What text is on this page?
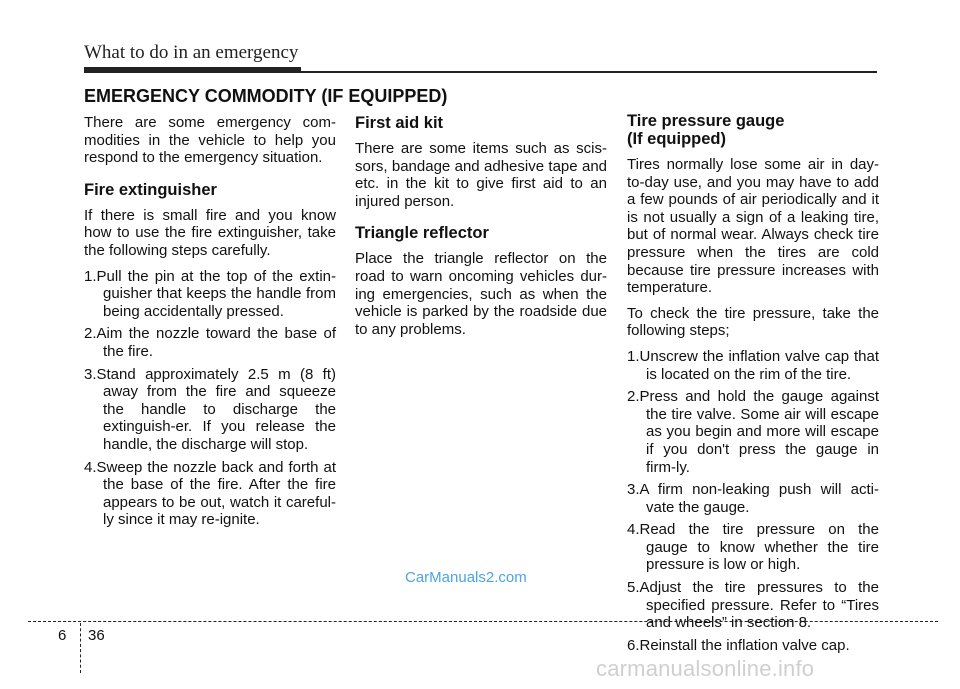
What to do in an emergency
EMERGENCY COMMODITY (IF EQUIPPED)

There are some emergency com-modities in the vehicle to help you respond to the emergency situation.

Fire extinguisher

If there is small fire and you know how to use the fire extinguisher, take the following steps carefully.

1.Pull the pin at the top of the extin-guisher that keeps the handle from being accidentally pressed.
2.Aim the nozzle toward the base of the fire.
3.Stand approximately 2.5 m (8 ft) away from the fire and squeeze the handle to discharge the extinguish-er. If you release the handle, the discharge will stop.
4.Sweep the nozzle back and forth at the base of the fire. After the fire appears to be out, watch it careful-ly since it may re-ignite.
First aid kit

There are some items such as scis-sors, bandage and adhesive tape and etc. in the kit to give first aid to an injured person.

Triangle reflector

Place the triangle reflector on the road to warn oncoming vehicles dur-ing emergencies, such as when the vehicle is parked by the roadside due to any problems.

Tire pressure gauge
(If equipped)

Tires normally lose some air in day-to-day use, and you may have to add a few pounds of air periodically and it is not usually a sign of a leaking tire, but of normal wear. Always check tire pressure when the tires are cold because tire pressure increases with temperature.

To check the tire pressure, take the following steps;

1.Unscrew the inflation valve cap that is located on the rim of the tire.
2.Press and hold the gauge against the tire valve. Some air will escape as you begin and more will escape if you don't press the gauge in firm-ly.
3.A firm non-leaking push will acti-vate the gauge.
4.Read the tire pressure on the gauge to know whether the tire pressure is low or high.
5.Adjust the tire pressures to the specified pressure. Refer to “Tires and wheels” in section 8.
6.Reinstall the inflation valve cap.
CarManuals2.com
6 36
carmanualsonline.info
